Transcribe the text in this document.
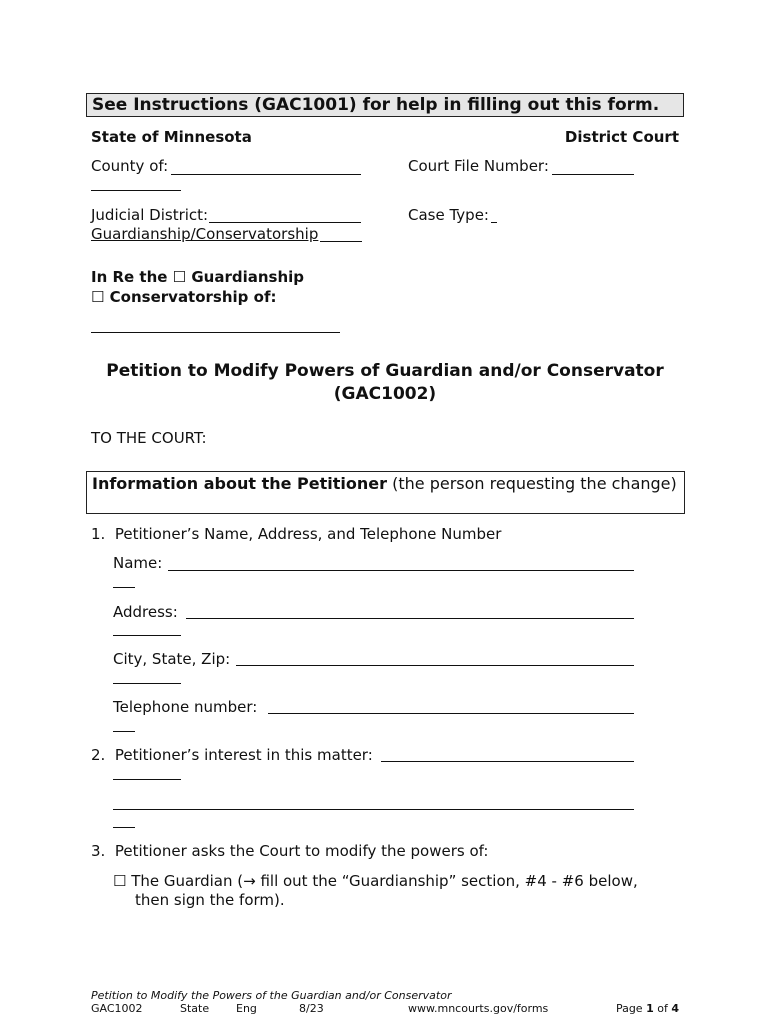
See Instructions (GAC1001) for help in filling out this form.
State of Minnesota	District Court
County of:	Court File Number:
Judicial District:	Case Type:
Guardianship/Conservatorship
In Re the ☐ Guardianship
☐ Conservatorship of:
Petition to Modify Powers of Guardian and/or Conservator
(GAC1002)
TO THE COURT:
Information about the Petitioner (the person requesting the change)
1.  Petitioner’s Name, Address, and Telephone Number
Name:
Address:
City, State, Zip:
Telephone number:
2.  Petitioner’s interest in this matter:
3.  Petitioner asks the Court to modify the powers of:
☐ The Guardian (→ fill out the “Guardianship” section, #4 - #6 below,
then sign the form).
Petition to Modify the Powers of the Guardian and/or Conservator
GAC1002	State Eng	8/23	www.mncourts.gov/forms	Page 1 of 4
